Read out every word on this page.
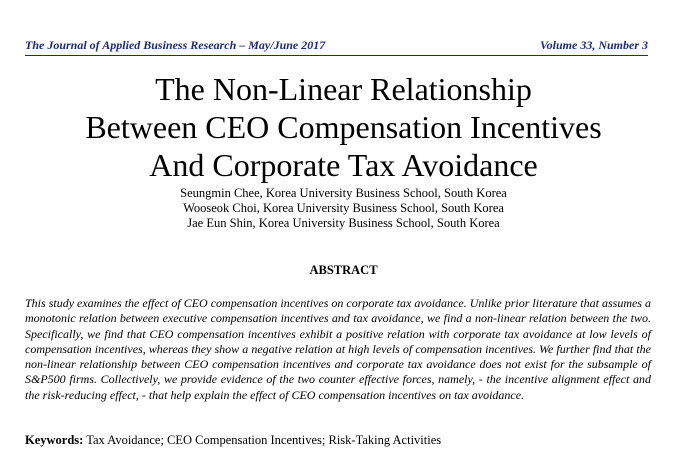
The Journal of Applied Business Research – May/June 2017	Volume 33, Number 3
The Non-Linear Relationship
Between CEO Compensation Incentives
And Corporate Tax Avoidance
Seungmin Chee, Korea University Business School, South Korea
Wooseok Choi, Korea University Business School, South Korea
Jae Eun Shin, Korea University Business School, South Korea
ABSTRACT
This study examines the effect of CEO compensation incentives on corporate tax avoidance. Unlike prior literature that assumes a monotonic relation between executive compensation incentives and tax avoidance, we find a non-linear relation between the two. Specifically, we find that CEO compensation incentives exhibit a positive relation with corporate tax avoidance at low levels of compensation incentives, whereas they show a negative relation at high levels of compensation incentives. We further find that the non-linear relationship between CEO compensation incentives and corporate tax avoidance does not exist for the subsample of S&P500 firms. Collectively, we provide evidence of the two counter effective forces, namely, - the incentive alignment effect and the risk-reducing effect, - that help explain the effect of CEO compensation incentives on tax avoidance.
Keywords: Tax Avoidance; CEO Compensation Incentives; Risk-Taking Activities
